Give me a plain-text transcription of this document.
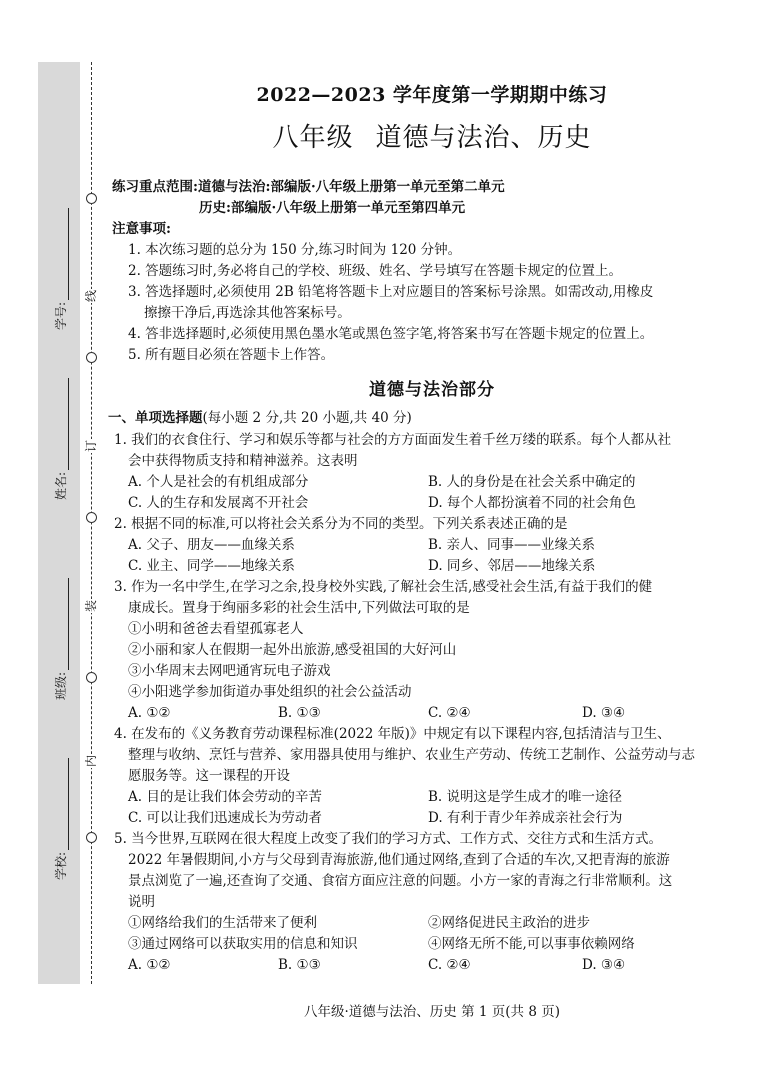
线
订
装
内
学号:
姓名:
班级:
学校:
2022—2023 学年度第一学期期中练习
八年级 道德与法治、历史
练习重点范围:道德与法治:部编版·八年级上册第一单元至第二单元
历史:部编版·八年级上册第一单元至第四单元
注意事项:
1. 本次练习题的总分为 150 分,练习时间为 120 分钟。
2. 答题练习时,务必将自己的学校、班级、姓名、学号填写在答题卡规定的位置上。
3. 答选择题时,必须使用 2B 铅笔将答题卡上对应题目的答案标号涂黑。如需改动,用橡皮
擦擦干净后,再选涂其他答案标号。
4. 答非选择题时,必须使用黑色墨水笔或黑色签字笔,将答案书写在答题卡规定的位置上。
5. 所有题目必须在答题卡上作答。
道德与法治部分
一、单项选择题(每小题 2 分,共 20 小题,共 40 分)
1. 我们的衣食住行、学习和娱乐等都与社会的方方面面发生着千丝万缕的联系。每个人都从社
会中获得物质支持和精神滋养。这表明
A. 个人是社会的有机组成部分	B. 人的身份是在社会关系中确定的
C. 人的生存和发展离不开社会	D. 每个人都扮演着不同的社会角色
2. 根据不同的标准,可以将社会关系分为不同的类型。下列关系表述正确的是
A. 父子、朋友——血缘关系	B. 亲人、同事——业缘关系
C. 业主、同学——地缘关系	D. 同乡、邻居——地缘关系
3. 作为一名中学生,在学习之余,投身校外实践,了解社会生活,感受社会生活,有益于我们的健
康成长。置身于绚丽多彩的社会生活中,下列做法可取的是
①小明和爸爸去看望孤寡老人
②小丽和家人在假期一起外出旅游,感受祖国的大好河山
③小华周末去网吧通宵玩电子游戏
④小阳逃学参加街道办事处组织的社会公益活动
A. ①②	B. ①③	C. ②④	D. ③④
4. 在发布的《义务教育劳动课程标准(2022 年版)》中规定有以下课程内容,包括清洁与卫生、
整理与收纳、烹饪与营养、家用器具使用与维护、农业生产劳动、传统工艺制作、公益劳动与志
愿服务等。这一课程的开设
A. 目的是让我们体会劳动的辛苦	B. 说明这是学生成才的唯一途径
C. 可以让我们迅速成长为劳动者	D. 有利于青少年养成亲社会行为
5. 当今世界,互联网在很大程度上改变了我们的学习方式、工作方式、交往方式和生活方式。
2022 年暑假期间,小方与父母到青海旅游,他们通过网络,查到了合适的车次,又把青海的旅游
景点浏览了一遍,还查询了交通、食宿方面应注意的问题。小方一家的青海之行非常顺利。这
说明
①网络给我们的生活带来了便利	②网络促进民主政治的进步
③通过网络可以获取实用的信息和知识	④网络无所不能,可以事事依赖网络
A. ①②	B. ①③	C. ②④	D. ③④
八年级·道德与法治、历史 第 1 页(共 8 页)
